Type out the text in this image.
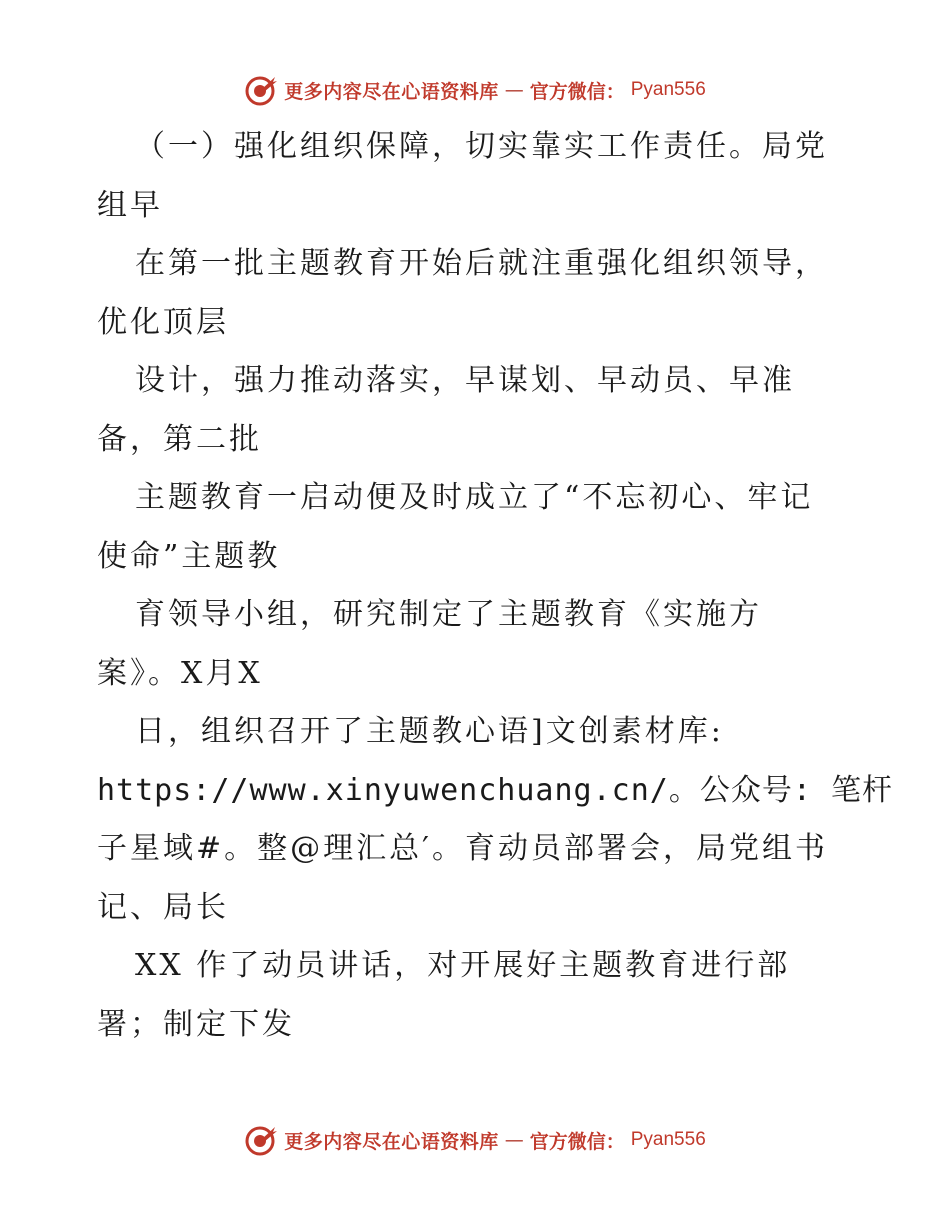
更多内容尽在心语资料库 — 官方微信： Pyan556
（一）强化组织保障，切实靠实工作责任。局党
组早
在第一批主题教育开始后就注重强化组织领导，
优化顶层
设计，强力推动落实，早谋划、早动员、早准
备，第二批
主题教育一启动便及时成立了“不忘初心、牢记
使命”主题教
育领导小组，研究制定了主题教育《实施方
案》。X月X
日，组织召开了主题教心语]文创素材库:
https://www.xinyuwenchuang.cn/。公众号: 笔杆
子星域#。整@理汇总′。育动员部署会，局党组书
记、局长
XX 作了动员讲话，对开展好主题教育进行部
署；制定下发
更多内容尽在心语资料库 — 官方微信： Pyan556
